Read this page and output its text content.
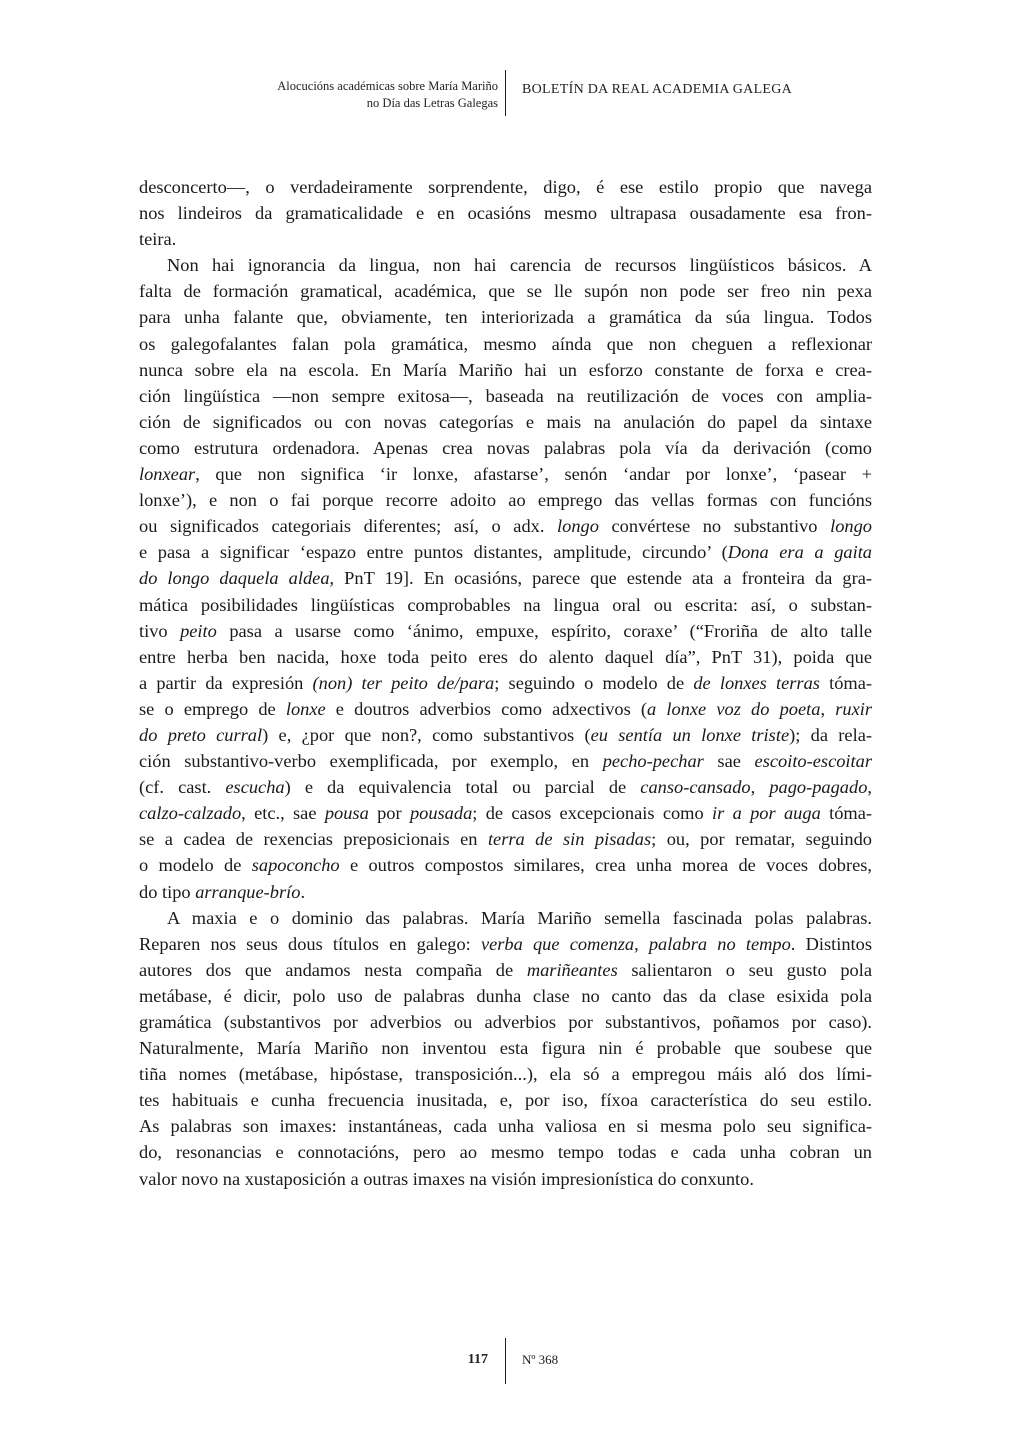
Alocucións académicas sobre María Mariño
no Día das Letras Galegas
BOLETÍN DA REAL ACADEMIA GALEGA

desconcerto—, o verdadeiramente sorprendente, digo, é ese estilo propio que navega
nos lindeiros da gramaticalidade e en ocasións mesmo ultrapasa ousadamente esa fron-
teira.

Non hai ignorancia da lingua, non hai carencia de recursos lingüísticos básicos. A
falta de formación gramatical, académica, que se lle supón non pode ser freo nin pexa
para unha falante que, obviamente, ten interiorizada a gramática da súa lingua. Todos
os galegofalantes falan pola gramática, mesmo aínda que non cheguen a reflexionar
nunca sobre ela na escola. En María Mariño hai un esforzo constante de forxa e crea-
ción lingüística —non sempre exitosa—, baseada na reutilización de voces con amplia-
ción de significados ou con novas categorías e mais na anulación do papel da sintaxe
como estrutura ordenadora. Apenas crea novas palabras pola vía da derivación (como
lonxear, que non significa ‘ir lonxe, afastarse’, senón ‘andar por lonxe’, ‘pasear +
lonxe’), e non o fai porque recorre adoito ao emprego das vellas formas con funcións
ou significados categoriais diferentes; así, o adx. longo convértese no substantivo longo
e pasa a significar ‘espazo entre puntos distantes, amplitude, circundo’ (Dona era a gaita
do longo daquela aldea, PnT 19]. En ocasións, parece que estende ata a fronteira da gra-
mática posibilidades lingüísticas comprobables na lingua oral ou escrita: así, o substan-
tivo peito pasa a usarse como ‘ánimo, empuxe, espírito, coraxe’ (“Froriña de alto talle
entre herba ben nacida, hoxe toda peito eres do alento daquel día”, PnT 31), poida que
a partir da expresión (non) ter peito de/para; seguindo o modelo de de lonxes terras tóma-
se o emprego de lonxe e doutros adverbios como adxectivos (a lonxe voz do poeta, ruxir
do preto curral) e, ¿por que non?, como substantivos (eu sentía un lonxe triste); da rela-
ción substantivo-verbo exemplificada, por exemplo, en pecho-pechar sae escoito-escoitar
(cf. cast. escucha) e da equivalencia total ou parcial de canso-cansado, pago-pagado,
calzo-calzado, etc., sae pousa por pousada; de casos excepcionais como ir a por auga tóma-
se a cadea de rexencias preposicionais en terra de sin pisadas; ou, por rematar, seguindo
o modelo de sapoconcho e outros compostos similares, crea unha morea de voces dobres,
do tipo arranque-brío.

A maxia e o dominio das palabras. María Mariño semella fascinada polas palabras.
Reparen nos seus dous títulos en galego: verba que comenza, palabra no tempo. Distintos
autores dos que andamos nesta compaña de mariñeantes salientaron o seu gusto pola
metábase, é dicir, polo uso de palabras dunha clase no canto das da clase esixida pola
gramática (substantivos por adverbios ou adverbios por substantivos, poñamos por caso).
Naturalmente, María Mariño non inventou esta figura nin é probable que soubese que
tiña nomes (metábase, hipóstase, transposición...), ela só a empregou máis aló dos lími-
tes habituais e cunha frecuencia inusitada, e, por iso, fíxoa característica do seu estilo.
As palabras son imaxes: instantáneas, cada unha valiosa en si mesma polo seu significa-
do, resonancias e connotacións, pero ao mesmo tempo todas e cada unha cobran un
valor novo na xustaposición a outras imaxes na visión impresionística do conxunto.

117	Nº 368
